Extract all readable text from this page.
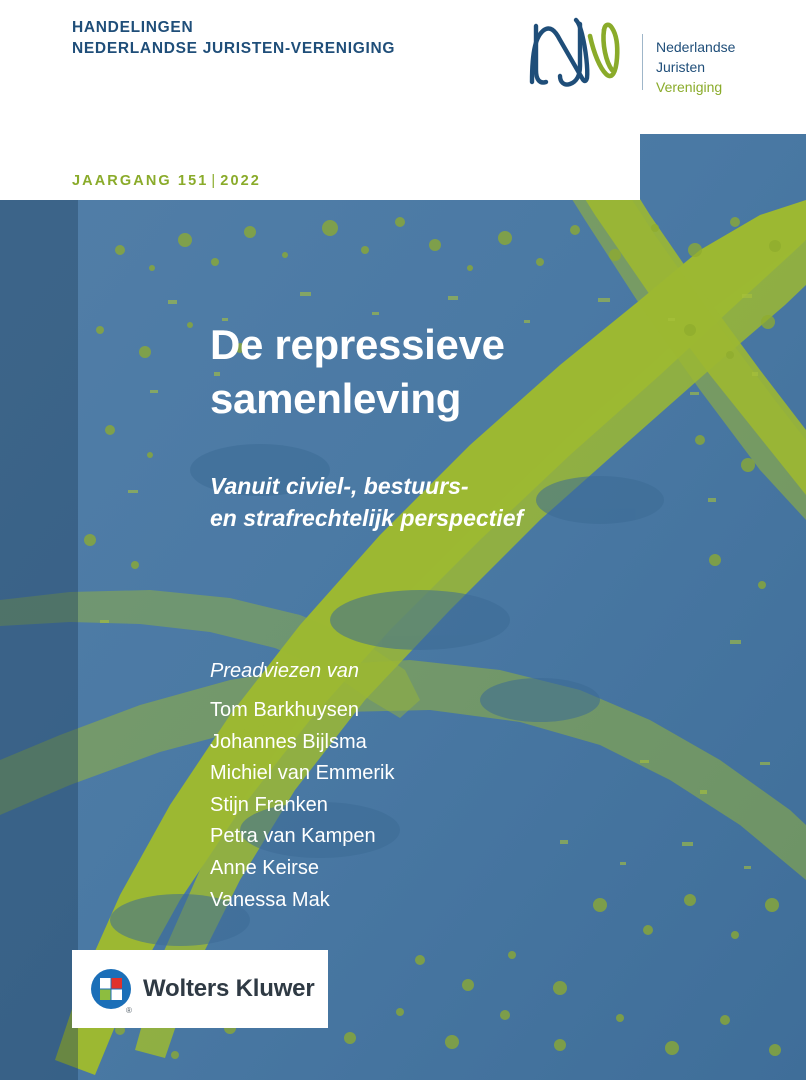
HANDELINGEN
NEDERLANDSE JURISTEN-VERENIGING	Nederlandse
Juristen
Vereniging
JAARGANG 151 | 2022
De repressieve
samenleving
Vanuit civiel-, bestuurs-
en strafrechtelijk perspectief
Preadviezen van
Tom Barkhuysen
Johannes Bijlsma
Michiel van Emmerik
Stijn Franken
Petra van Kampen
Anne Keirse
Vanessa Mak
Wolters Kluwer
®
